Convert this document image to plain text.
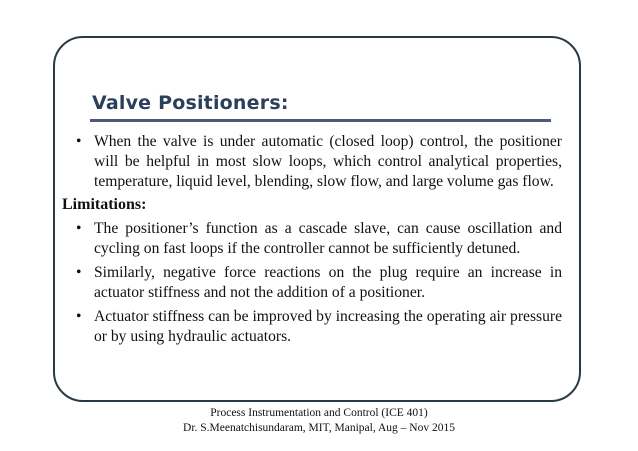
Valve Positioners:

• When the valve is under automatic (closed loop) control, the positioner will be helpful in most slow loops, which control analytical properties, temperature, liquid level, blending, slow flow, and large volume gas flow.

Limitations:

• The positioner’s function as a cascade slave, can cause oscillation and cycling on fast loops if the controller cannot be sufficiently detuned.

• Similarly, negative force reactions on the plug require an increase in actuator stiffness and not the addition of a positioner.

• Actuator stiffness can be improved by increasing the operating air pressure or by using hydraulic actuators.

Process Instrumentation and Control (ICE 401)
Dr. S.Meenatchisundaram, MIT, Manipal, Aug – Nov 2015
